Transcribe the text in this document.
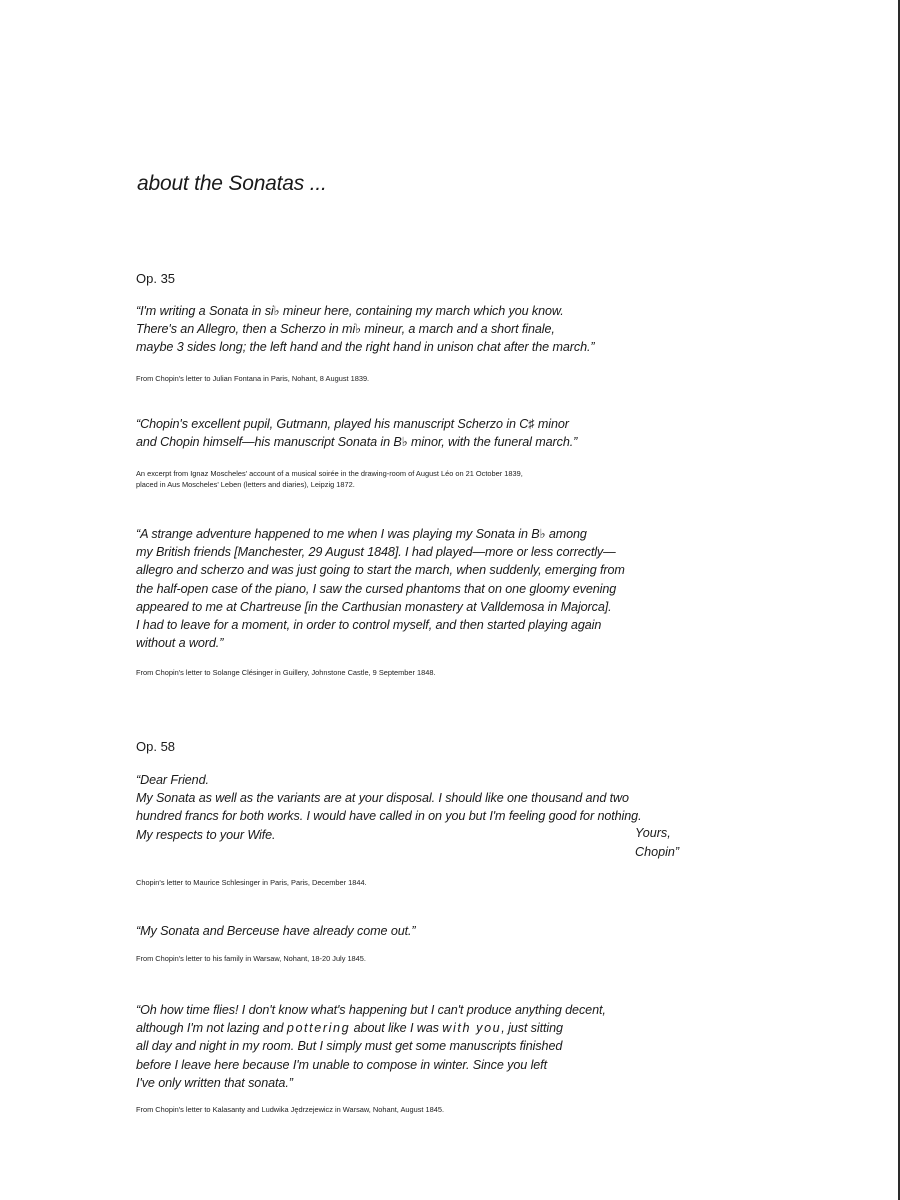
about the Sonatas ...
Op. 35

“I'm writing a Sonata in si♭ mineur here, containing my march which you know.
There's an Allegro, then a Scherzo in mi♭ mineur, a march and a short finale,
maybe 3 sides long; the left hand and the right hand in unison chat after the march.”

From Chopin's letter to Julian Fontana in Paris, Nohant, 8 August 1839.

“Chopin's excellent pupil, Gutmann, played his manuscript Scherzo in C♯ minor
and Chopin himself—his manuscript Sonata in B♭ minor, with the funeral march.”

An excerpt from Ignaz Moscheles' account of a musical soirée in the drawing-room of August Léo on 21 October 1839,
placed in Aus Moscheles' Leben (letters and diaries), Leipzig 1872.

“A strange adventure happened to me when I was playing my Sonata in B♭ among
my British friends [Manchester, 29 August 1848]. I had played—more or less correctly—
allegro and scherzo and was just going to start the march, when suddenly, emerging from
the half-open case of the piano, I saw the cursed phantoms that on one gloomy evening
appeared to me at Chartreuse [in the Carthusian monastery at Valldemosa in Majorca].
I had to leave for a moment, in order to control myself, and then started playing again
without a word.”

From Chopin's letter to Solange Clésinger in Guillery, Johnstone Castle, 9 September 1848.

Op. 58

“Dear Friend.
My Sonata as well as the variants are at your disposal. I should like one thousand and two
hundred francs for both works. I would have called in on you but I'm feeling good for nothing.
My respects to your Wife.	Yours,

Chopin”

Chopin's letter to Maurice Schlesinger in Paris, Paris, December 1844.

“My Sonata and Berceuse have already come out.”

From Chopin's letter to his family in Warsaw, Nohant, 18-20 July 1845.

“Oh how time flies! I don't know what's happening but I can't produce anything decent,
although I'm not lazing and pottering about like I was with you, just sitting
all day and night in my room. But I simply must get some manuscripts finished
before I leave here because I'm unable to compose in winter. Since you left
I've only written that sonata.”

From Chopin's letter to Kalasanty and Ludwika Jędrzejewicz in Warsaw, Nohant, August 1845.
